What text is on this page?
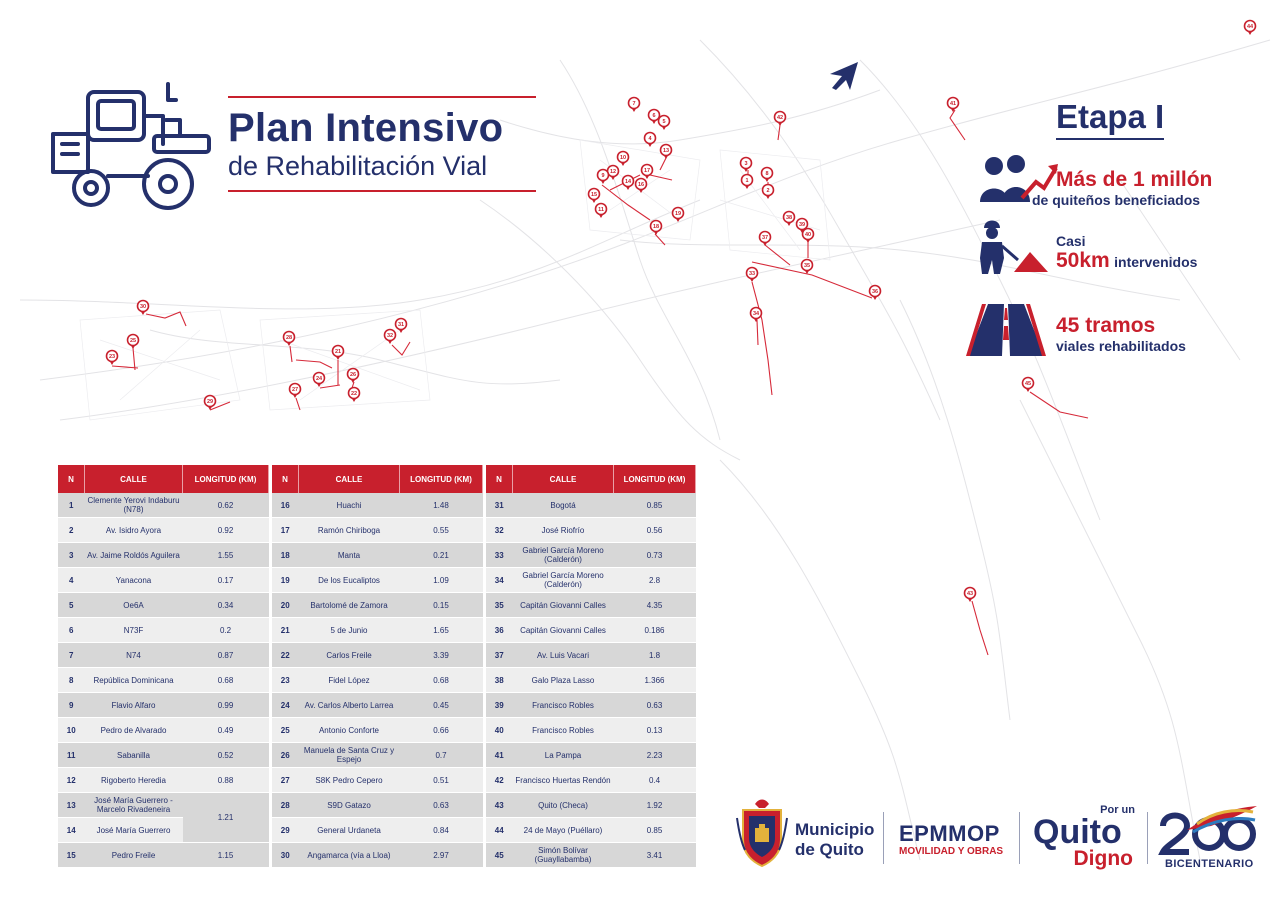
7
6
5
4
13
10
12
9
17
14 16
15
11
19
18
42
3
1
8
2
38
39
40
37
35
33
36
34
41
44
45
43
30
25
23
28	32
31
21
26
24
22
27
29
Plan Intensivo
de Rehabilitación Vial
Etapa I
Más de 1 millón
de quiteños beneficiados
Casi
50km intervenidos
45 tramos
viales rehabilitados
N	CALLE	LONGITUD (KM)
1	Clemente Yerovi Indaburu (N78)	0.62
2	Av. Isidro Ayora	0.92
3	Av. Jaime Roldós Aguilera	1.55
4	Yanacona	0.17
5	Oe6A	0.34
6	N73F	0.2
7	N74	0.87
8	República Dominicana	0.68
9	Flavio Alfaro	0.99
10	Pedro de Alvarado	0.49
11	Sabanilla	0.52
12	Rigoberto Heredia	0.88
13	José María Guerrero - Marcelo Rivadeneira	1.21
14	José María Guerrero	
15	Pedro Freile	1.15
N	CALLE	LONGITUD (KM)
16	Huachi	1.48
17	Ramón Chiriboga	0.55
18	Manta	0.21
19	De los Eucaliptos	1.09
20	Bartolomé de Zamora	0.15
21	5 de Junio	1.65
22	Carlos Freile	3.39
23	Fidel López	0.68
24	Av. Carlos Alberto Larrea	0.45
25	Antonio Conforte	0.66
26	Manuela de Santa Cruz y Espejo	0.7
27	S8K Pedro Cepero	0.51
28	S9D Gatazo	0.63
29	General Urdaneta	0.84
30	Angamarca (vía a Lloa)	2.97
N	CALLE	LONGITUD (KM)
31	Bogotá	0.85
32	José Riofrío	0.56
33	Gabriel García Moreno (Calderón)	0.73
34	Gabriel García Moreno (Calderón)	2.8
35	Capitán Giovanni Calles	4.35
36	Capitán Giovanni Calles	0.186
37	Av. Luis Vacari	1.8
38	Galo Plaza Lasso	1.366
39	Francisco Robles	0.63
40	Francisco Robles	0.13
41	La Pampa	2.23
42	Francisco Huertas Rendón	0.4
43	Quito (Checa)	1.92
44	24 de Mayo (Puéllaro)	0.85
45	Simón Bolívar (Guayllabamba)	3.41
Municipio
de Quito
EPMMOP
MOVILIDAD Y OBRAS
Por un
Quito
Digno	BICENTENARIO
